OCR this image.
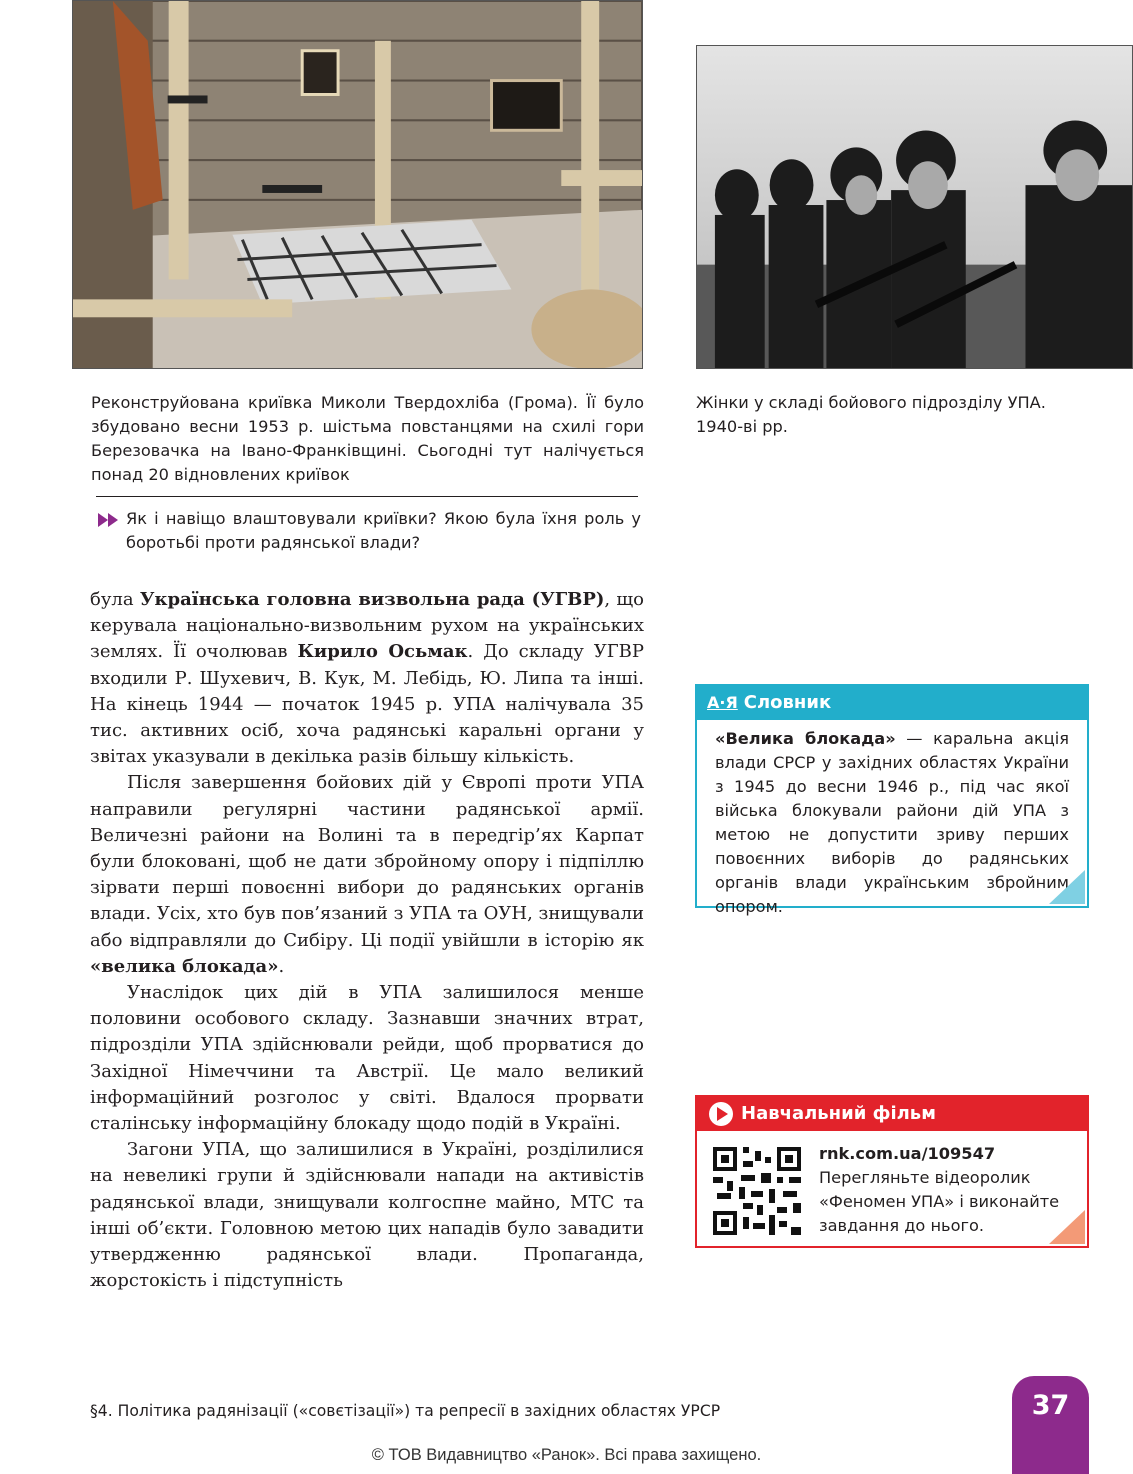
Реконструйована криївка Миколи Твердохліба (Грома). Її було збудовано весни 1953 р. шістьма повстанцями на схилі гори Березовачка на Івано-Франківщині. Сьогодні тут налічується понад 20 відновлених криївок
Жінки у складі бойового підрозділу УПА. 1940-ві рр.
Як і навіщо влаштовували криївки? Якою була їхня роль у боротьбі проти радянської влади?

була Українська головна визвольна рада (УГВР), що керувала національно-визвольним рухом на українських землях. Її очолював Кирило Осьмак. До складу УГВР входили Р. Шухевич, В. Кук, М. Лебідь, Ю. Липа та інші. На кінець 1944 — початок 1945 р. УПА налічувала 35 тис. активних осіб, хоча радянські каральні органи у звітах указували в декілька разів більшу кількість.

Після завершення бойових дій у Європі проти УПА направили регулярні частини радянської армії. Величезні райони на Волині та в передгір’ях Карпат були блоковані, щоб не дати збройному опору і підпіллю зірвати перші повоєнні вибори до радянських органів влади. Усіх, хто був пов’язаний з УПА та ОУН, знищували або відправляли до Сибіру. Ці події увійшли в історію як «велика блокада».

Унаслідок цих дій в УПА залишилося менше половини особового складу. Зазнавши значних втрат, підрозділи УПА здійснювали рейди, щоб прорватися до Західної Німеччини та Австрії. Це мало великий інформаційний розголос у світі. Вдалося прорвати сталінську інформаційну блокаду щодо подій в Україні.

Загони УПА, що залишилися в Україні, розділилися на невеликі групи й здійснювали напади на активістів радянської влади, знищували колгоспне майно, МТС та інші об’єкти. Головною метою цих нападів було завадити утвердженню радянської влади. Пропаганда, жорстокість і підступність

А·Я Словник
«Велика блокада» — каральна акція влади СРСР у західних областях України з 1945 до весни 1946 р., під час якої війська блокували райони дій УПА з метою не допустити зриву перших повоєнних виборів до радянських органів влади українським збройним опором.
Навчальний фільм
rnk.com.ua/109547
Перегляньте відеоролик «Феномен УПА» і виконайте завдання до нього.
§4. Політика радянізації («совєтізації») та репресії в західних областях УРСР	37
© ТОВ Видавництво «Ранок». Всі права захищено.
